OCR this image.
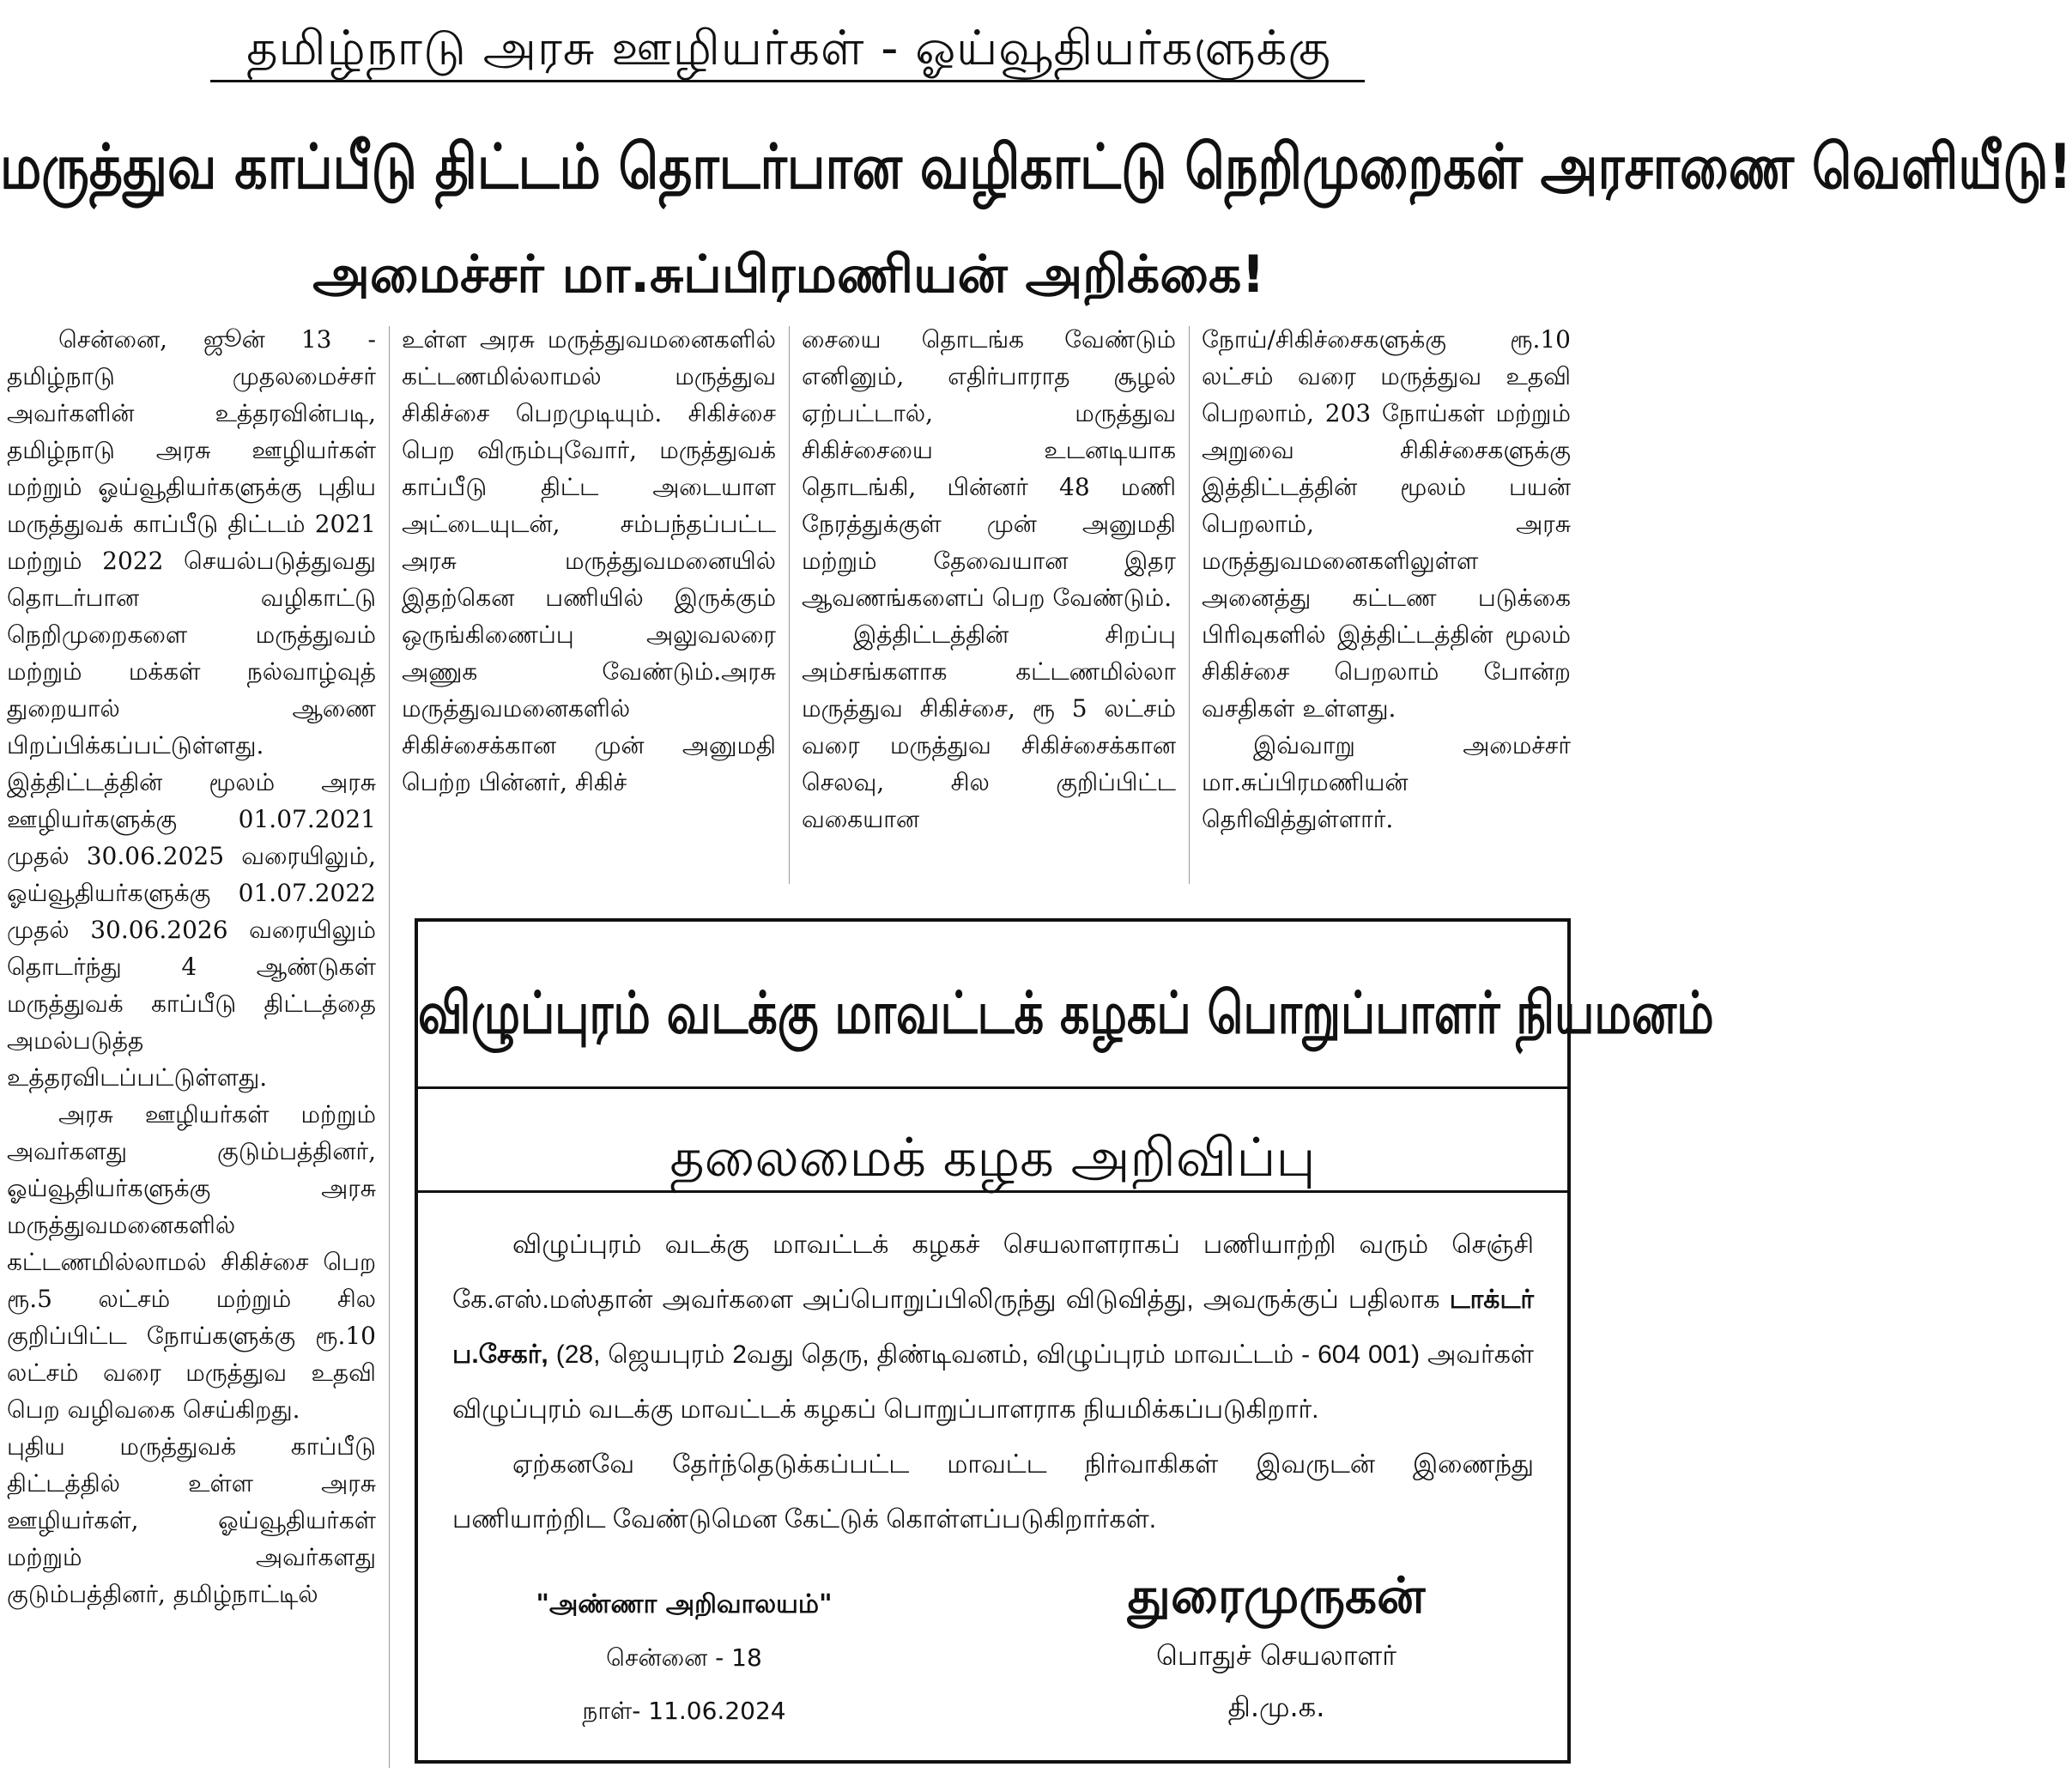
தமிழ்நாடு அரசு ஊழியர்கள் - ஓய்வூதியர்களுக்கு
மருத்துவ காப்பீடு திட்டம் தொடர்பான வழிகாட்டு நெறிமுறைகள் அரசாணை வெளியீடு!
அமைச்சர் மா.சுப்பிரமணியன் அறிக்கை!

சென்னை, ஜூன் 13 - தமிழ்நாடு முதலமைச்சர் அவர்களின் உத்தரவின்படி, தமிழ்நாடு அரசு ஊழியர்கள் மற்றும் ஓய்வூதியர்களுக்கு புதிய மருத்துவக் காப்பீடு திட்டம் 2021 மற்றும் 2022 செயல்படுத்துவது தொடர்பான வழிகாட்டு நெறிமுறைகளை மருத்துவம் மற்றும் மக்கள் நல்வாழ்வுத் துறையால் ஆணை பிறப்பிக்கப்பட்டுள்ளது. இத்திட்டத்தின் மூலம் அரசு ஊழியர்களுக்கு 01.07.2021 முதல் 30.06.2025 வரையிலும், ஓய்வூதியர்களுக்கு 01.07.2022 முதல் 30.06.2026 வரையிலும் தொடர்ந்து 4 ஆண்டுகள் மருத்துவக் காப்பீடு திட்டத்தை அமல்படுத்த உத்தரவிடப்பட்டுள்ளது.

அரசு ஊழியர்கள் மற்றும் அவர்களது குடும்பத்தினர், ஓய்வூதியர்களுக்கு அரசு மருத்துவமனைகளில் கட்டணமில்லாமல் சிகிச்சை பெற ரூ.5 லட்சம் மற்றும் சில குறிப்பிட்ட நோய்களுக்கு ரூ.10 லட்சம் வரை மருத்துவ உதவி பெற வழிவகை செய்கிறது.

புதிய மருத்துவக் காப்பீடு திட்டத்தில் உள்ள அரசு ஊழியர்கள், ஓய்வூதியர்கள் மற்றும் அவர்களது குடும்பத்தினர், தமிழ்நாட்டில்

உள்ள அரசு மருத்துவமனைகளில் கட்டணமில்லாமல் மருத்துவ சிகிச்சை பெறமுடியும். சிகிச்சை பெற விரும்புவோர், மருத்துவக் காப்பீடு திட்ட அடையாள அட்டையுடன், சம்பந்தப்பட்ட அரசு மருத்துவமனையில் இதற்கென பணியில் இருக்கும் ஒருங்கிணைப்பு அலுவலரை அணுக வேண்டும்.அரசு மருத்துவமனைகளில் சிகிச்சைக்கான முன் அனுமதி பெற்ற பின்னர், சிகிச்

சையை தொடங்க வேண்டும் எனினும், எதிர்பாராத சூழல் ஏற்பட்டால், மருத்துவ சிகிச்சையை உடனடியாக தொடங்கி, பின்னர் 48 மணி நேரத்துக்குள் முன் அனுமதி மற்றும் தேவையான இதர ஆவணங்களைப் பெற வேண்டும்.

இத்திட்டத்தின் சிறப்பு அம்சங்களாக கட்டணமில்லா மருத்துவ சிகிச்சை, ரூ 5 லட்சம் வரை மருத்துவ சிகிச்சைக்கான செலவு, சில குறிப்பிட்ட வகையான

நோய்/சிகிச்சைகளுக்கு ரூ.10 லட்சம் வரை மருத்துவ உதவி பெறலாம், 203 நோய்கள் மற்றும் அறுவை சிகிச்சைகளுக்கு இத்திட்டத்தின் மூலம் பயன் பெறலாம், அரசு மருத்துவமனைகளிலுள்ள அனைத்து கட்டண படுக்கை பிரிவுகளில் இத்திட்டத்தின் மூலம் சிகிச்சை பெறலாம் போன்ற வசதிகள் உள்ளது.

இவ்வாறு அமைச்சர் மா.சுப்பிரமணியன் தெரிவித்துள்ளார்.

விழுப்புரம் வடக்கு மாவட்டக் கழகப் பொறுப்பாளர் நியமனம்
தலைமைக் கழக அறிவிப்பு

விழுப்புரம் வடக்கு மாவட்டக் கழகச் செயலாளராகப் பணியாற்றி வரும் செஞ்சி கே.எஸ்.மஸ்தான் அவர்களை அப்பொறுப்பிலிருந்து விடுவித்து, அவருக்குப் பதிலாக டாக்டர் ப.சேகர், (28, ஜெயபுரம் 2வது தெரு, திண்டிவனம், விழுப்புரம் மாவட்டம் - 604 001) அவர்கள் விழுப்புரம் வடக்கு மாவட்டக் கழகப் பொறுப்பாளராக நியமிக்கப்படுகிறார்.

ஏற்கனவே தேர்ந்தெடுக்கப்பட்ட மாவட்ட நிர்வாகிகள் இவருடன் இணைந்து பணியாற்றிட வேண்டுமென கேட்டுக் கொள்ளப்படுகிறார்கள்.

"அண்ணா அறிவாலயம்"
சென்னை - 18
நாள்- 11.06.2024
துரைமுருகன்
பொதுச் செயலாளர்
தி.மு.க.
